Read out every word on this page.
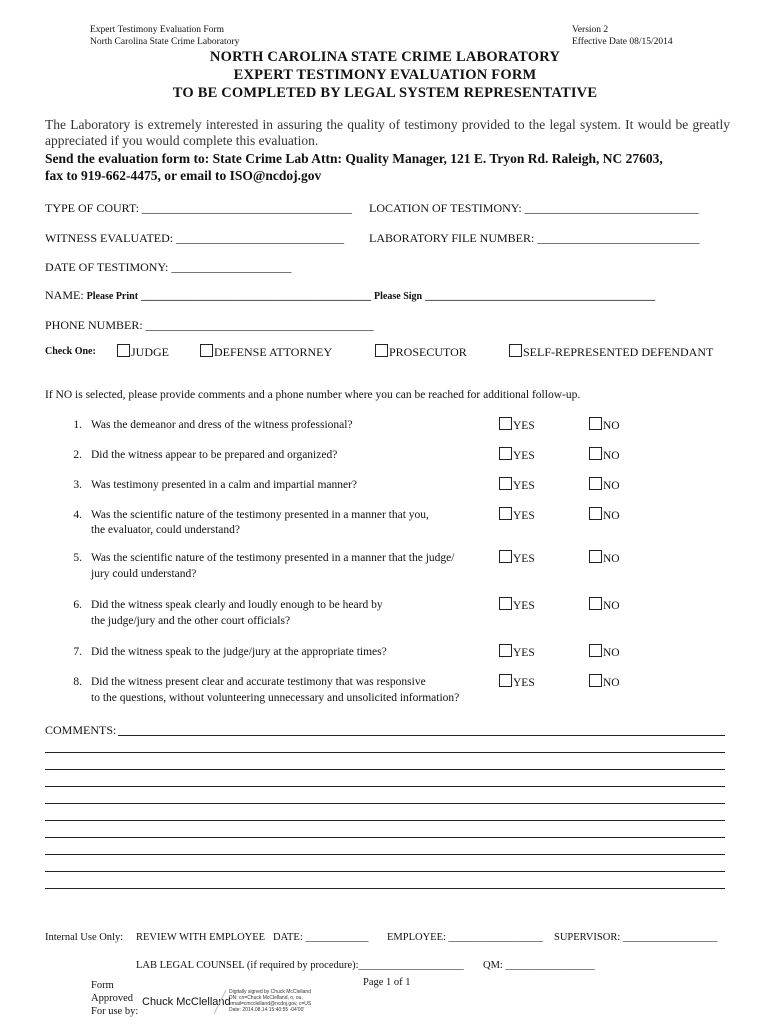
Expert Testimony Evaluation Form
North Carolina State Crime Laboratory
Version 2
Effective Date 08/15/2014
NORTH CAROLINA STATE CRIME LABORATORY
EXPERT TESTIMONY EVALUATION FORM
TO BE COMPLETED BY LEGAL SYSTEM REPRESENTATIVE
The Laboratory is extremely interested in assuring the quality of testimony provided to the legal system. It would be greatly appreciated if you would complete this evaluation.
Send the evaluation form to: State Crime Lab Attn: Quality Manager, 121 E. Tryon Rd. Raleigh, NC 27603,
fax to 919-662-4475, or email to ISO@ncdoj.gov
TYPE OF COURT: ___________________________________ LOCATION OF TESTIMONY: _____________________________
WITNESS EVALUATED: ____________________________ LABORATORY FILE NUMBER: ___________________________
DATE OF TESTIMONY: ____________________
NAME: Please Print ______________________________________________ Please Sign ______________________________________________
PHONE NUMBER: ______________________________________
Check One:	JUDGE	DEFENSE ATTORNEY	PROSECUTOR	SELF-REPRESENTED DEFENDANT
If NO is selected, please provide comments and a phone number where you can be reached for additional follow-up.
1. Was the demeanor and dress of the witness professional?	YES	NO
2. Did the witness appear to be prepared and organized?	YES	NO
3. Was testimony presented in a calm and impartial manner?	YES	NO
4. Was the scientific nature of the testimony presented in a manner that you,
the evaluator, could understand?
YES	NO
5. Was the scientific nature of the testimony presented in a manner that the judge/
jury could understand?
YES	NO
6. Did the witness speak clearly and loudly enough to be heard by
the judge/jury and the other court officials?
YES	NO
7. Did the witness speak to the judge/jury at the appropriate times?	YES	NO
8. Did the witness present clear and accurate testimony that was responsive
to the questions, without volunteering unnecessary and unsolicited information?
YES	NO
COMMENTS:
Internal Use Only: REVIEW WITH EMPLOYEE DATE: ____________ EMPLOYEE: __________________ SUPERVISOR: __________________
LAB LEGAL COUNSEL (if required by procedure):____________________ QM: _________________
Page 1 of 1
Form
Approved
For use by:
Chuck McClelland
Digitally signed by Chuck McClelland
DN: cn=Chuck McClelland, o, ou,
email=cmcclelland@ncdoj.gov, c=US
Date: 2014.08.14 15:40:55 -04'00'
